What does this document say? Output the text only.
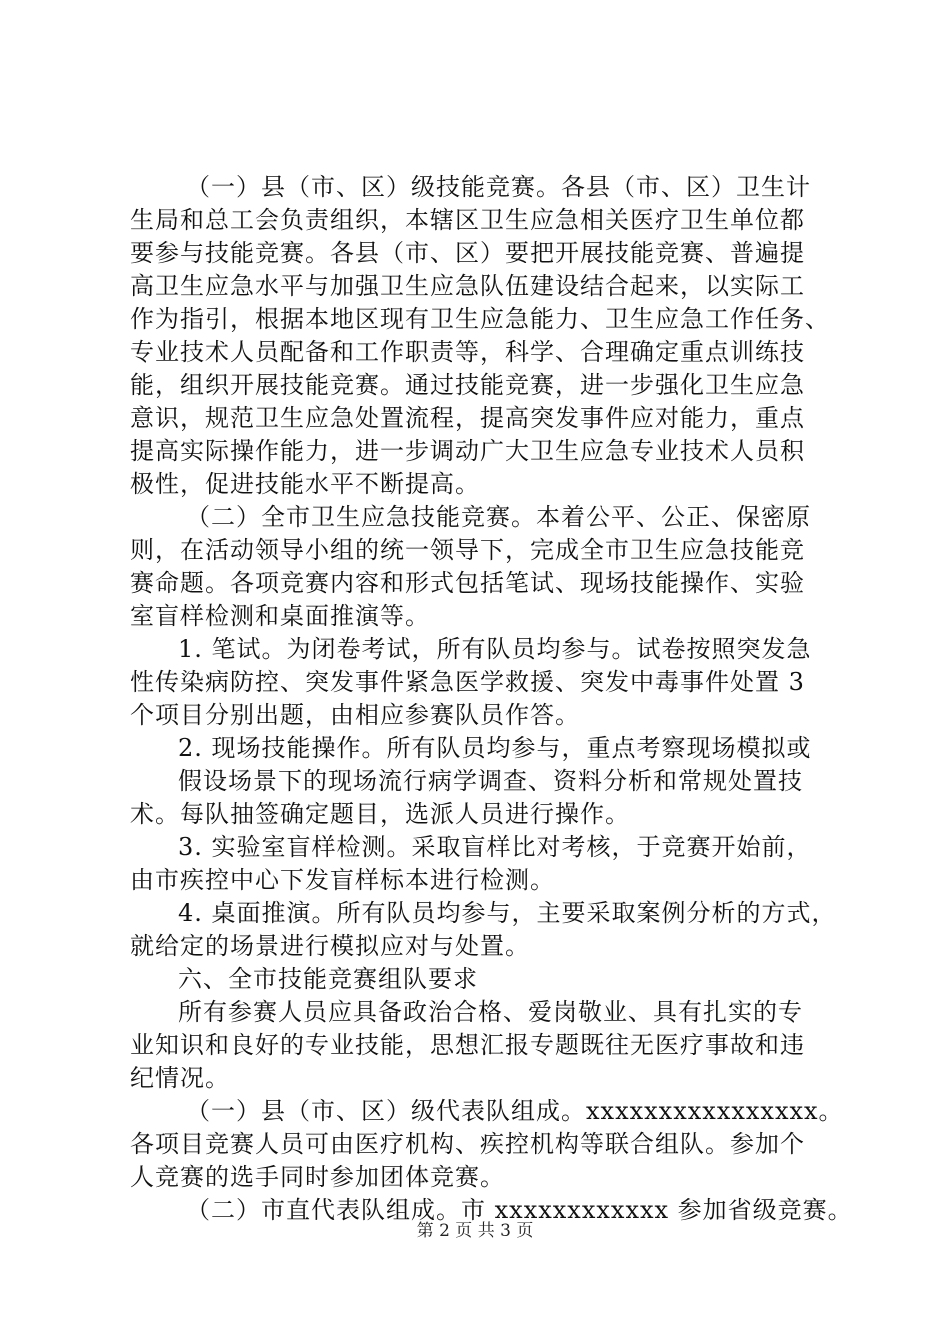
（一）县（市、区）级技能竞赛。各县（市、区）卫生计
生局和总工会负责组织，本辖区卫生应急相关医疗卫生单位都
要参与技能竞赛。各县（市、区）要把开展技能竞赛、普遍提
高卫生应急水平与加强卫生应急队伍建设结合起来，以实际工
作为指引，根据本地区现有卫生应急能力、卫生应急工作任务、
专业技术人员配备和工作职责等，科学、合理确定重点训练技
能，组织开展技能竞赛。通过技能竞赛，进一步强化卫生应急
意识，规范卫生应急处置流程，提高突发事件应对能力，重点
提高实际操作能力，进一步调动广大卫生应急专业技术人员积
极性，促进技能水平不断提高。
（二）全市卫生应急技能竞赛。本着公平、公正、保密原
则，在活动领导小组的统一领导下，完成全市卫生应急技能竞
赛命题。各项竞赛内容和形式包括笔试、现场技能操作、实验
室盲样检测和桌面推演等。
1. 笔试。为闭卷考试，所有队员均参与。试卷按照突发急
性传染病防控、突发事件紧急医学救援、突发中毒事件处置 3
个项目分别出题，由相应参赛队员作答。
2. 现场技能操作。所有队员均参与，重点考察现场模拟或
假设场景下的现场流行病学调查、资料分析和常规处置技
术。每队抽签确定题目，选派人员进行操作。
3. 实验室盲样检测。采取盲样比对考核，于竞赛开始前，
由市疾控中心下发盲样标本进行检测。
4. 桌面推演。所有队员均参与，主要采取案例分析的方式，
就给定的场景进行模拟应对与处置。
六、全市技能竞赛组队要求
所有参赛人员应具备政治合格、爱岗敬业、具有扎实的专
业知识和良好的专业技能，思想汇报专题既往无医疗事故和违
纪情况。
（一）县（市、区）级代表队组成。xxxxxxxxxxxxxxxx。
各项目竞赛人员可由医疗机构、疾控机构等联合组队。参加个
人竞赛的选手同时参加团体竞赛。
（二）市直代表队组成。市 xxxxxxxxxxxx 参加省级竞赛。
第 2 页 共 3 页
